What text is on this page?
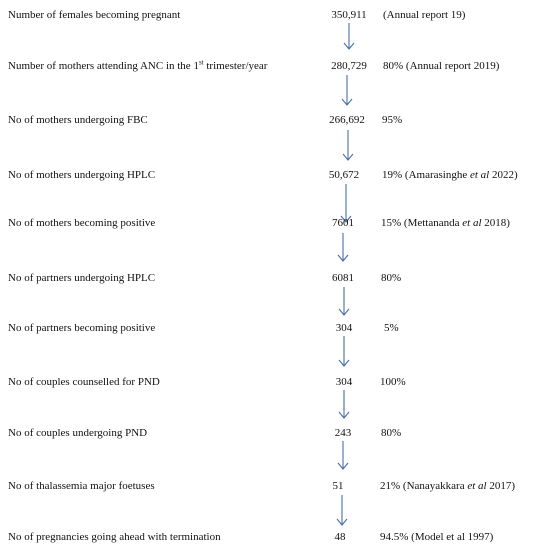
Number of females becoming pregnant	350,911	(Annual report 19)
Number of mothers attending ANC in the 1st trimester/year	280,729	80% (Annual report 2019)
No of mothers undergoing FBC	266,692	95%
No of mothers undergoing HPLC	50,672	19% (Amarasinghe et al 2022)
No of mothers becoming positive	7601	15% (Mettananda et al 2018)
No of partners undergoing HPLC	6081	80%
No of partners becoming positive	304	5%
No of couples counselled for PND	304	100%
No of couples undergoing PND	243	80%
No of thalassemia major foetuses	51	21% (Nanayakkara et al 2017)
No of pregnancies going ahead with termination	48	94.5% (Model et al 1997)
